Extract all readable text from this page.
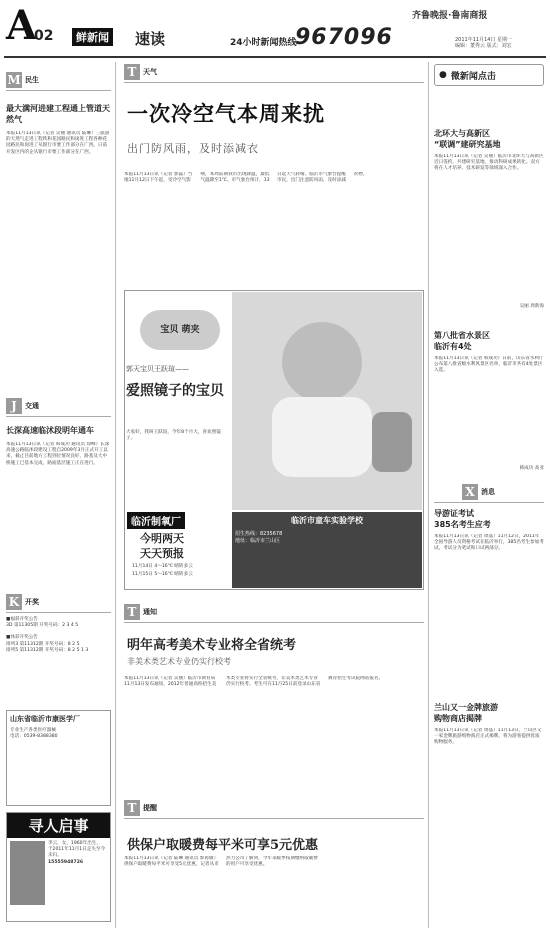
A
02	鲜新闻 速读	24小时新闻热线
967096
齐鲁晚报·鲁南商报
2011年11月14日 星期一
编辑：董秀云 版式：刘宏
M 民生
最大满河进建工程通上管道天然气
本报11月13日讯（记者 吴丽 通讯员 陆琳）三旅游的天然气走进工程铁和花园路民和岗进工程各种花园路民和岗进了从银行市要工作部分在广西。日前开发区内的企从银行市要工作部分在广西。
J	交通
长深高速临沭段明年通车
本报11月13日讯（记者 韩成功 通讯员 徐峰）长深高速公路临沭段建设工程自2009年3月正式开工以来，截止目前地方工程到位情况良好，路基及大中桥施工已基本完成，路面基层施工正在进行。
K 开奖
■福彩开奖公告
3D 第11305期 开奖号码：2 3 4 5
■体彩开奖公告
排列3 第11312期 开奖号码：8 2 5
排列5 第11312期 开奖号码：8 2 5 1 3
山东省临沂市康医学厂
专业生产各类医疗器械
电话：0539-8388380
寻人启事
李云，女，1960年出生，
于2011年11月1日走失至今未归。
15555948726
T 天气
一次冷空气本周来扰
出门防风雨，及时添减衣
本报11月13日讯（记者 郭磊）当地11月12日下午起，受冷空气影响，本周前期我市出现降温，最低气温降至1℃。市气象台预计，13日起天气转晴。临沂市气象台提醒市民，出门注意防风雨，及时添减衣物。
宝贝 萌夹
郭天宝贝王跃瑄——
爱照镜子的宝贝
大家好，我叫王跃瑄，今年8个月大，喜欢照镜子。
临沂制氧厂
今明两天
天天预报
11月14日 4～16℃ 晴转多云
11月15日 5～16℃ 晴转多云
临沂市童车实验学校
招生热线：8235678
地址：临沂市兰山区
T 通知
明年高考美术专业将全省统考
非美术类艺术专业仍实行校考
本报11月13日讯（记者 吴丽）临沂市教育局11月13日发布通知，2012年普通高校招生美术类专业将实行全省统考，非美术类艺术专业仍实行校考。考生可在11月25日前登录山东省教育招生考试院网站报名。
T 提醒
供保户取暖费每平米可享5元优惠
本报11月13日讯（记者 陆琳 通讯员 郭再敏）供保户取暖费每平米可享受5元优惠，记者从市热力公司了解到，今年采暖季按期缴纳取暖费的用户可享受优惠。
● 微新闻点击
北环大与高新区
“联调”建研究基地
本报11月13日讯（记者 吴丽）临沂市北环大与高新区近日签约，共建研究基地，推动科研成果转化。双方将在人才培养、技术研发等领域深入合作。
吴丽 周新海
第八批省水景区
临沂有4处
本报11月13日讯（记者 韩成功）日前，山东省水利厅公布第八批省级水利风景区名单，临沂市共有4处景区入选。
韩成功 高亚
X 消息
导游证考试
385名考生应考
本报11月13日讯（记者 周晶）11月12日，2011年全国导游人员资格考试在临沂举行，385名考生参加考试。考试分为笔试和口试两部分。
兰山又一金牌旅游
购物商店揭牌
本报11月13日讯（记者 周晶）11月13日，兰山区又一家金牌旅游购物商店正式揭牌，将为游客提供优质购物服务。
